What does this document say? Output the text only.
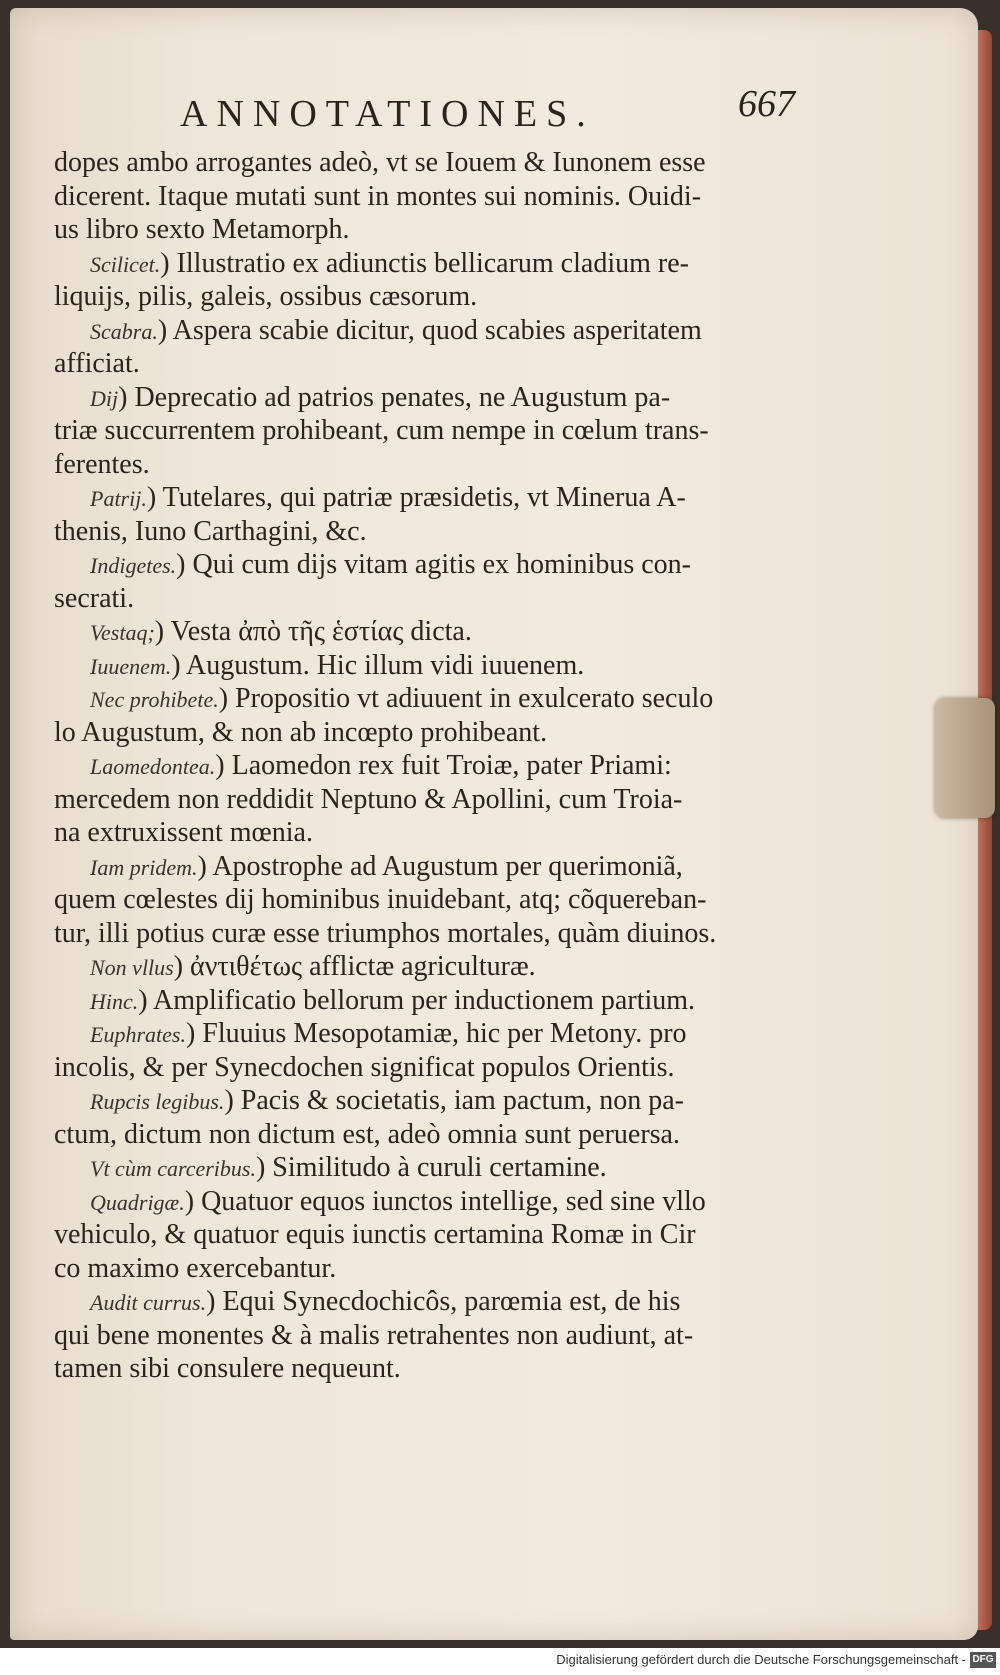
ANNOTATIONES.	667
dopes ambo arrogantes adeò, vt se Iouem & Iunonem esse
dicerent. Itaque mutati sunt in montes sui nominis. Ouidi-
us libro sexto Metamorph.
Scilicet.) Illustratio ex adiunctis bellicarum cladium re-
liquijs, pilis, galeis, ossibus cæsorum.
Scabra.) Aspera scabie dicitur, quod scabies asperitatem
afficiat.
Dij) Deprecatio ad patrios penates, ne Augustum pa-
triæ succurrentem prohibeant, cum nempe in cœlum trans-
ferentes.
Patrij.) Tutelares, qui patriæ præsidetis, vt Minerua A-
thenis, Iuno Carthagini, &c.
Indigetes.) Qui cum dijs vitam agitis ex hominibus con-
secrati.
Vestaq;) Vesta ἀπὸ τῆς ἑστίας dicta.
Iuuenem.) Augustum. Hic illum vidi iuuenem.
Nec prohibete.) Propositio vt adiuuent in exulcerato seculo
lo Augustum, & non ab incœpto prohibeant.
Laomedontea.) Laomedon rex fuit Troiæ, pater Priami:
mercedem non reddidit Neptuno & Apollini, cum Troia-
na extruxissent mœnia.
Iam pridem.) Apostrophe ad Augustum per querimoniã,
quem cœlestes dij hominibus inuidebant, atq; cõquereban-
tur, illi potius curæ esse triumphos mortales, quàm diuinos.
Non vllus) ἀντιθέτως afflictæ agriculturæ.
Hinc.) Amplificatio bellorum per inductionem partium.
Euphrates.) Fluuius Mesopotamiæ, hic per Metony. pro
incolis, & per Synecdochen significat populos Orientis.
Rupcis legibus.) Pacis & societatis, iam pactum, non pa-
ctum, dictum non dictum est, adeò omnia sunt peruersa.
Vt cùm carceribus.) Similitudo à curuli certamine.
Quadrigæ.) Quatuor equos iunctos intellige, sed sine vllo
vehiculo, & quatuor equis iunctis certamina Romæ in Cir
co maximo exercebantur.
Audit currus.) Equi Synecdochicôs, parœmia est, de his
qui bene monentes & à malis retrahentes non audiunt, at-
tamen sibi consulere nequeunt.
Digitalisierung gefördert durch die Deutsche Forschungsgemeinschaft - DFG
